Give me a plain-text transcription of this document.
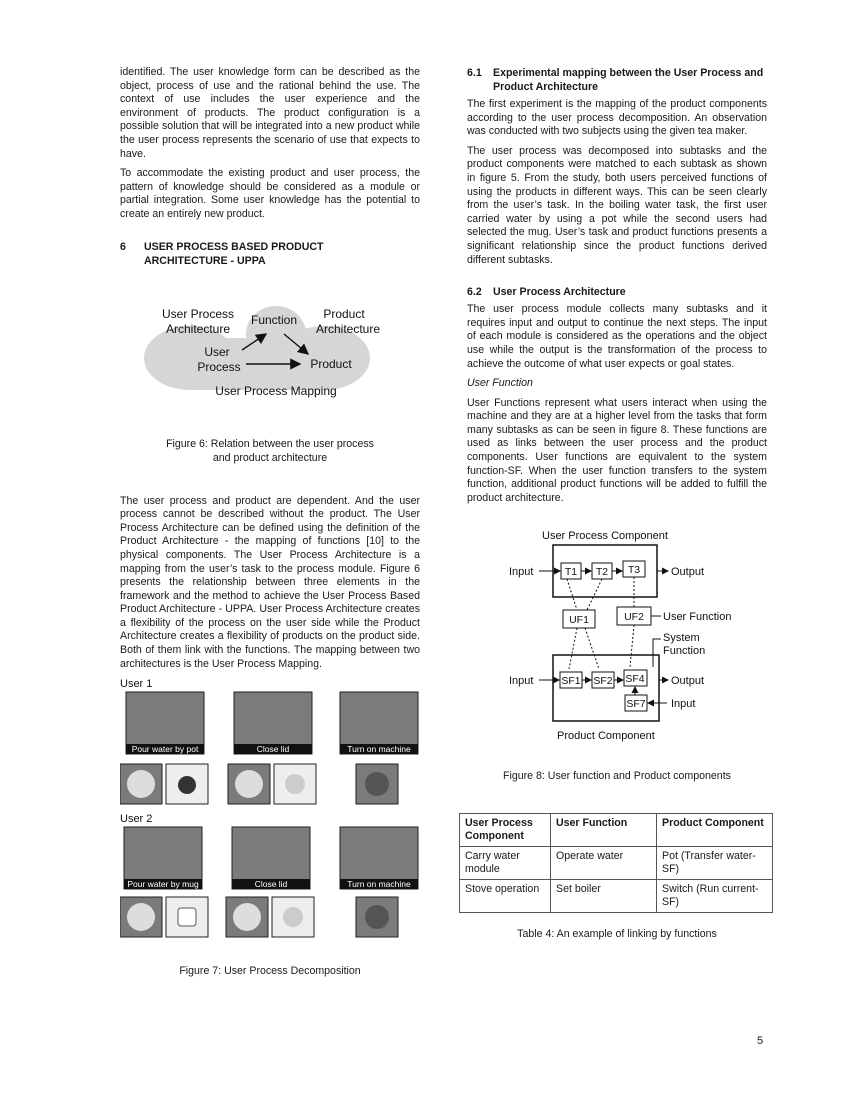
identified. The user knowledge form can be described as the object, process of use and the rational behind the use. The context of use includes the user experience and the environment of products. The product configuration is a possible solution that will be integrated into a new product while the user process represents the scenario of use that expects to have.

To accommodate the existing product and user process, the pattern of knowledge should be considered as a module or partial integration. Some user knowledge has the potential to create an entirely new product.

6	USER PROCESS BASED PRODUCT ARCHITECTURE - UPPA
User Process
Architecture
Function Product
Architecture
User
Process	Product
User Process Mapping
Figure 6: Relation between the user process
and product architecture

The user process and product are dependent. And the user process cannot be described without the product. The User Process Architecture can be defined using the definition of the Product Architecture - the mapping of functions [10] to the physical components. The User Process Architecture is a mapping from the user’s task to the process module. Figure 6 presents the relationship between three elements in the framework and the method to achieve the User Process Based Product Architecture - UPPA. User Process Architecture creates a flexibility of the process on the user side while the Product Architecture creates a flexibility of products on the product side. Both of them link with the functions. The mapping between two architectures is the User Process Mapping.

User 1
Pour water by pot	Close lid	Turn on machine
User 2
Pour water by mug	Close lid	Turn on machine
Figure 7: User Process Decomposition
6.1	Experimental mapping between the User Process and Product Architecture

The first experiment is the mapping of the product components according to the user process decomposition. An observation was conducted with two subjects using the given tea maker.

The user process was decomposed into subtasks and the product components were matched to each subtask as shown in figure 5. From the study, both users perceived functions of using the products in different ways. This can be seen clearly from the user’s task. In the boiling water task, the first user carried water by using a pot while the second users had selected the mug. User’s task and product functions presents a significant relationship since the product functions derived different subtasks.

6.2	User Process Architecture

The user process module collects many subtasks and it requires input and output to continue the next steps. The input of each module is considered as the operations and the object use while the output is the transformation of the process to achieve the outcome of what user expects or goal states.

User Function

User Functions represent what users interact when using the machine and they are at a higher level from the tasks that form many subtasks as can be seen in figure 8. These functions are used as links between the user process and the product components. User functions are equivalent to the system function-SF. When the user function transfers to the system function, additional product functions will be added to fulfill the product architecture.

User Process Component
Input	T1 T2 T3	Output
UF1	UF2 User Function
System
Function
Input	SF1 SF2 SF4 Output
SF7 Input
Product Component
Figure 8: User function and Product components
User Process Component	User Function	Product Component
Carry water module	Operate water	Pot (Transfer water-SF)
Stove operation	Set boiler	Switch (Run current-SF)
Table 4: An example of linking by functions
5
